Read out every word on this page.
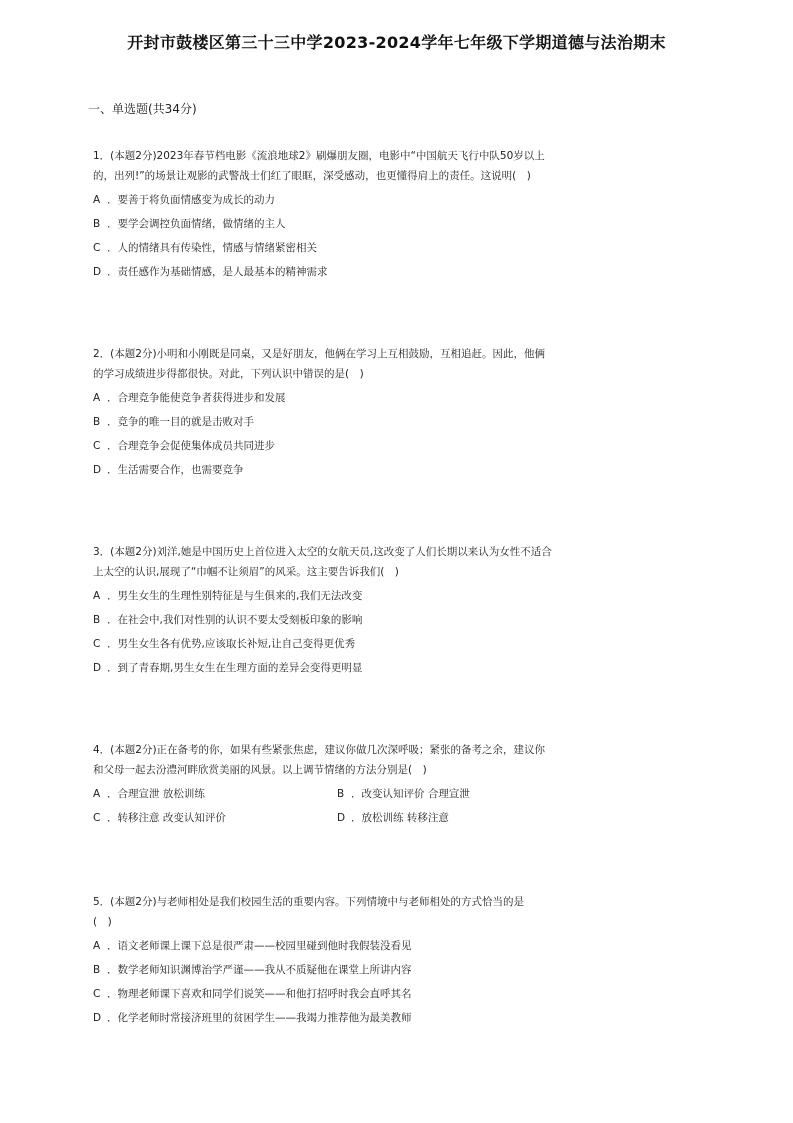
开封市鼓楼区第三十三中学2023-2024学年七年级下学期道德与法治期末
一、单选题(共34分)
1．(本题2分)2023年春节档电影《流浪地球2》刷爆朋友圈，电影中“中国航天飞行中队50岁以上
的，出列!”的场景让观影的武警战士们红了眼眶，深受感动，也更懂得肩上的责任。这说明(　)
A ．要善于将负面情感变为成长的动力
B ．要学会调控负面情绪，做情绪的主人
C ．人的情绪具有传染性，情感与情绪紧密相关
D ．责任感作为基础情感，是人最基本的精神需求
2．(本题2分)小明和小刚既是同桌，又是好朋友，他俩在学习上互相鼓励，互相追赶。因此，他俩
的学习成绩进步得都很快。对此，下列认识中错误的是(　)
A ．合理竞争能使竞争者获得进步和发展
B ．竞争的唯一目的就是击败对手
C ．合理竞争会促使集体成员共同进步
D ．生活需要合作，也需要竞争
3．(本题2分)刘洋,她是中国历史上首位进入太空的女航天员,这改变了人们长期以来认为女性不适合
上太空的认识,展现了“巾帼不让须眉”的风采。这主要告诉我们(　)
A ．男生女生的生理性别特征是与生俱来的,我们无法改变
B ．在社会中,我们对性别的认识不要太受刻板印象的影响
C ．男生女生各有优势,应该取长补短,让自己变得更优秀
D ．到了青春期,男生女生在生理方面的差异会变得更明显
4．(本题2分)正在备考的你，如果有些紧张焦虑，建议你做几次深呼吸；紧张的备考之余，建议你
和父母一起去汾澧河畔欣赏美丽的风景。以上调节情绪的方法分别是(　)
A ．合理宣泄 放松训练	B ．改变认知评价 合理宣泄
C ．转移注意 改变认知评价	D ．放松训练 转移注意
5．(本题2分)与老师相处是我们校园生活的重要内容。下列情境中与老师相处的方式恰当的是
(　)
A ．语文老师课上课下总是很严肃——校园里碰到他时我假装没看见
B ．数学老师知识渊博治学严谨——我从不质疑他在课堂上所讲内容
C ．物理老师课下喜欢和同学们说笑——和他打招呼时我会直呼其名
D ．化学老师时常接济班里的贫困学生——我竭力推荐他为最美教师
